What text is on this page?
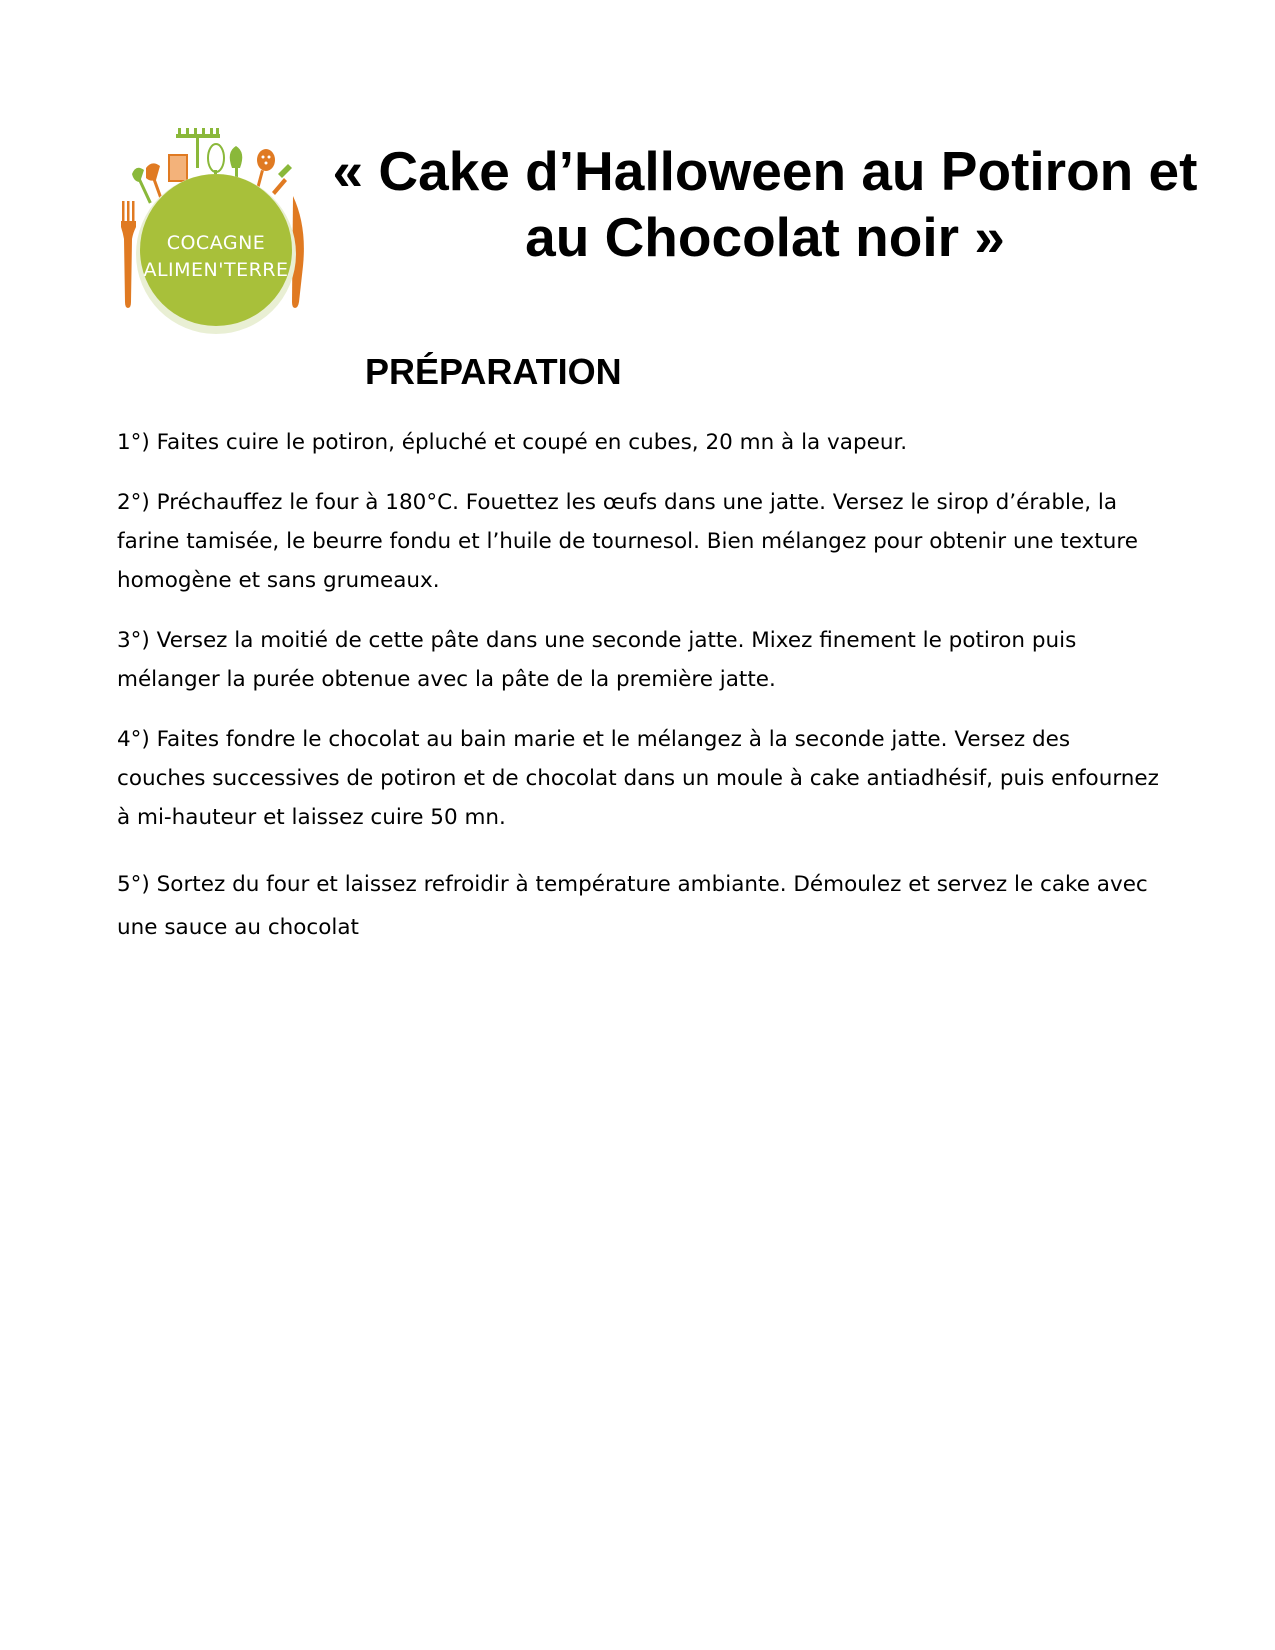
COCAGNE
ALIMEN'TERRE
« Cake d’Halloween au Potiron et au Chocolat noir »
PRÉPARATION
1°) Faites cuire le potiron, épluché et coupé en cubes, 20 mn à la vapeur.
2°) Préchauffez le four à 180°C. Fouettez les œufs dans une jatte. Versez le sirop d’érable, la farine tamisée, le beurre fondu et l’huile de tournesol. Bien mélangez pour obtenir une texture homogène et sans grumeaux.
3°) Versez la moitié de cette pâte dans une seconde jatte. Mixez finement le potiron puis mélanger la purée obtenue avec la pâte de la première jatte.
4°) Faites fondre le chocolat au bain marie et le mélangez à la seconde jatte. Versez des couches successives de potiron et de chocolat dans un moule à cake antiadhésif, puis enfournez à mi-hauteur et laissez cuire 50 mn.
5°) Sortez du four et laissez refroidir à température ambiante. Démoulez et servez le cake avec une sauce au chocolat
